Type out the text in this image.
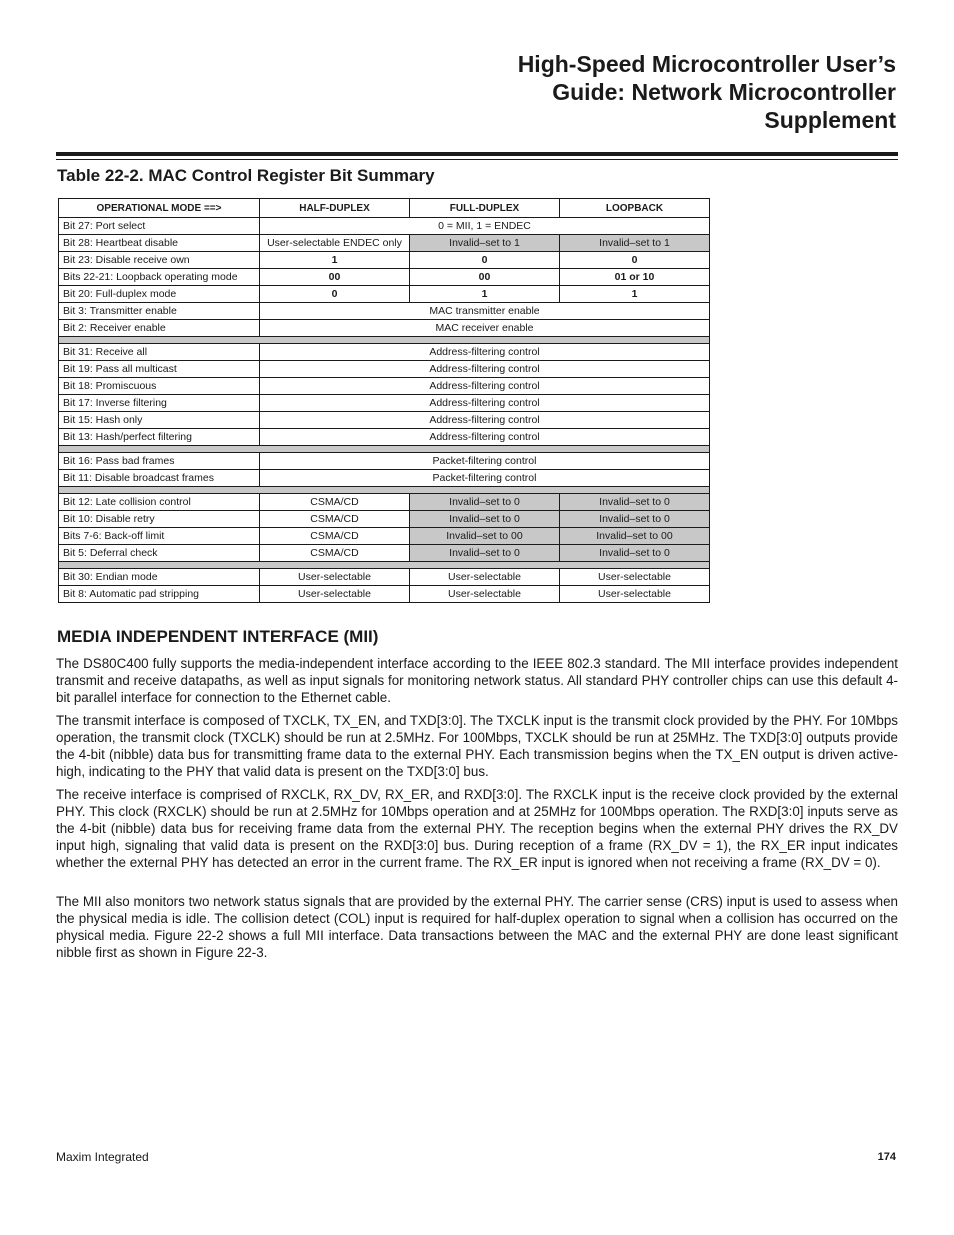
High-Speed Microcontroller User’s
Guide: Network Microcontroller
Supplement
Table 22-2. MAC Control Register Bit Summary
OPERATIONAL MODE ==>	HALF-DUPLEX	FULL-DUPLEX	LOOPBACK
Bit 27: Port select	0 = MII, 1 = ENDEC		
Bit 28: Heartbeat disable	User-selectable ENDEC only	Invalid–set to 1	Invalid–set to 1
Bit 23: Disable receive own	1	0	0
Bits 22-21: Loopback operating mode	00	00	01 or 10
Bit 20: Full-duplex mode	0	1	1
Bit 3: Transmitter enable	MAC transmitter enable		
Bit 2: Receiver enable	MAC receiver enable		

Bit 31: Receive all	Address-filtering control		
Bit 19: Pass all multicast	Address-filtering control		
Bit 18: Promiscuous	Address-filtering control		
Bit 17: Inverse filtering	Address-filtering control		
Bit 15: Hash only	Address-filtering control		
Bit 13: Hash/perfect filtering	Address-filtering control		

Bit 16: Pass bad frames	Packet-filtering control		
Bit 11: Disable broadcast frames	Packet-filtering control		

Bit 12: Late collision control	CSMA/CD	Invalid–set to 0	Invalid–set to 0
Bit 10: Disable retry	CSMA/CD	Invalid–set to 0	Invalid–set to 0
Bits 7-6: Back-off limit	CSMA/CD	Invalid–set to 00	Invalid–set to 00
Bit 5: Deferral check	CSMA/CD	Invalid–set to 0	Invalid–set to 0

Bit 30: Endian mode	User-selectable	User-selectable	User-selectable
Bit 8: Automatic pad stripping	User-selectable	User-selectable	User-selectable
MEDIA INDEPENDENT INTERFACE (MII)

The DS80C400 fully supports the media-independent interface according to the IEEE 802.3 standard. The MII interface provides independent transmit and receive datapaths, as well as input signals for monitoring network status. All standard PHY controller chips can use this default 4-bit parallel interface for connection to the Ethernet cable.

The transmit interface is composed of TXCLK, TX_EN, and TXD[3:0]. The TXCLK input is the transmit clock provided by the PHY. For 10Mbps operation, the transmit clock (TXCLK) should be run at 2.5MHz. For 100Mbps, TXCLK should be run at 25MHz. The TXD[3:0] outputs provide the 4-bit (nibble) data bus for transmitting frame data to the external PHY. Each transmission begins when the TX_EN output is driven active-high, indicating to the PHY that valid data is present on the TXD[3:0] bus.

The receive interface is comprised of RXCLK, RX_DV, RX_ER, and RXD[3:0]. The RXCLK input is the receive clock provided by the external PHY. This clock (RXCLK) should be run at 2.5MHz for 10Mbps operation and at 25MHz for 100Mbps operation. The RXD[3:0] inputs serve as the 4-bit (nibble) data bus for receiving frame data from the external PHY. The reception begins when the external PHY drives the RX_DV input high, signaling that valid data is present on the RXD[3:0] bus. During reception of a frame (RX_DV = 1), the RX_ER input indicates whether the external PHY has detected an error in the current frame. The RX_ER input is ignored when not receiving a frame (RX_DV = 0).

The MII also monitors two network status signals that are provided by the external PHY. The carrier sense (CRS) input is used to assess when the physical media is idle. The collision detect (COL) input is required for half-duplex operation to signal when a collision has occurred on the physical media. Figure 22-2 shows a full MII interface. Data transactions between the MAC and the external PHY are done least significant nibble first as shown in Figure 22-3.

Maxim Integrated	174
